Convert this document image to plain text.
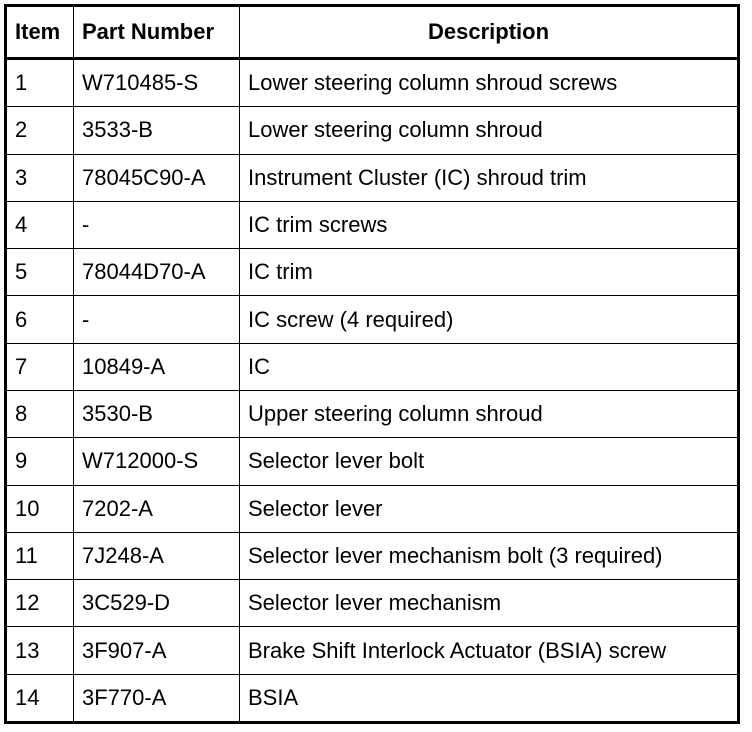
Item	Part Number	Description
1	W710485-S	Lower steering column shroud screws
2	3533-B	Lower steering column shroud
3	78045C90-A	Instrument Cluster (IC) shroud trim
4	-	IC trim screws
5	78044D70-A	IC trim
6	-	IC screw (4 required)
7	10849-A	IC
8	3530-B	Upper steering column shroud
9	W712000-S	Selector lever bolt
10	7202-A	Selector lever
11	7J248-A	Selector lever mechanism bolt (3 required)
12	3C529-D	Selector lever mechanism
13	3F907-A	Brake Shift Interlock Actuator (BSIA) screw
14	3F770-A	BSIA
